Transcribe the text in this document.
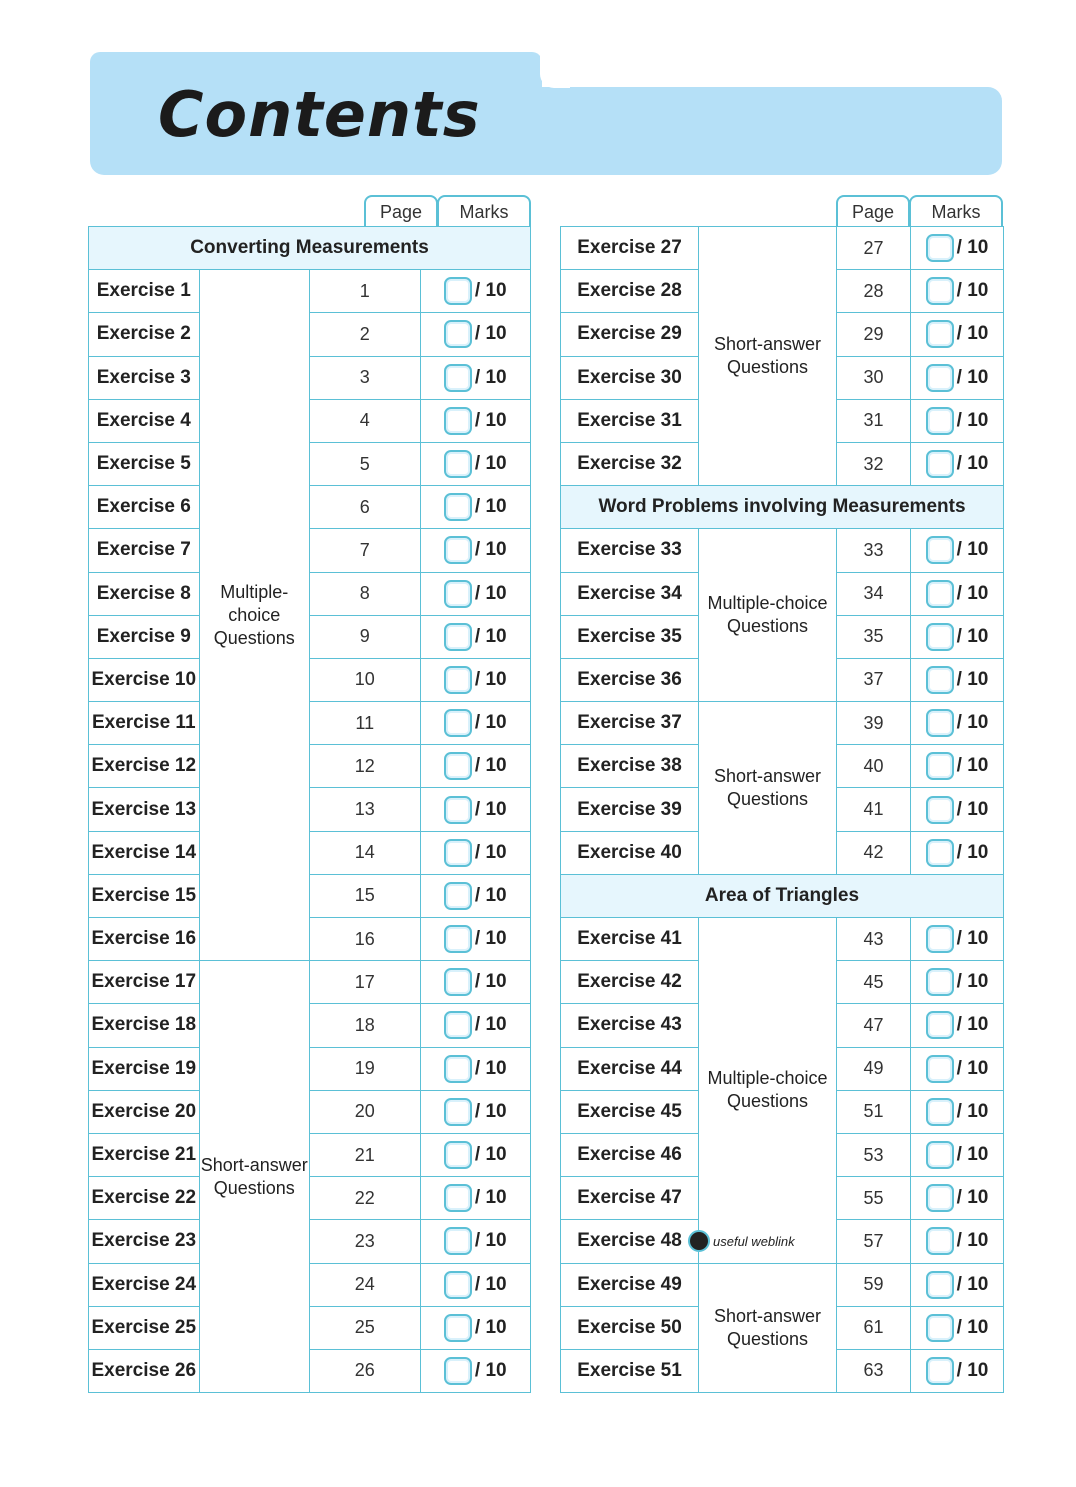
Contents
Page	Marks
Converting Measurements			
Exercise 1	Multiple-choice Questions	1	/ 10
Exercise 2		2	/ 10
Exercise 3		3	/ 10
Exercise 4		4	/ 10
Exercise 5		5	/ 10
Exercise 6		6	/ 10
Exercise 7		7	/ 10
Exercise 8		8	/ 10
Exercise 9		9	/ 10
Exercise 10		10	/ 10
Exercise 11		11	/ 10
Exercise 12		12	/ 10
Exercise 13		13	/ 10
Exercise 14		14	/ 10
Exercise 15		15	/ 10
Exercise 16		16	/ 10
Exercise 17	Short-answer Questions	17	/ 10
Exercise 18		18	/ 10
Exercise 19		19	/ 10
Exercise 20		20	/ 10
Exercise 21		21	/ 10
Exercise 22		22	/ 10
Exercise 23		23	/ 10
Exercise 24		24	/ 10
Exercise 25		25	/ 10
Exercise 26		26	/ 10
Page	Marks
Exercise 27	Short-answer Questions	27	/ 10
Exercise 28		28	/ 10
Exercise 29		29	/ 10
Exercise 30		30	/ 10
Exercise 31		31	/ 10
Exercise 32		32	/ 10
Word Problems involving Measurements			
Exercise 33	Multiple-choice Questions	33	/ 10
Exercise 34		34	/ 10
Exercise 35		35	/ 10
Exercise 36		37	/ 10
Exercise 37	Short-answer Questions	39	/ 10
Exercise 38		40	/ 10
Exercise 39		41	/ 10
Exercise 40		42	/ 10
Area of Triangles			
Exercise 41	Multiple-choice Questions	43	/ 10
Exercise 42		45	/ 10
Exercise 43		47	/ 10
Exercise 44		49	/ 10
Exercise 45		51	/ 10
Exercise 46		53	/ 10
Exercise 47		55	/ 10
Exercise 48		57	/ 10
Exercise 49	Short-answer Questions	59	/ 10
Exercise 50		61	/ 10
Exercise 51		63	/ 10
useful weblink
